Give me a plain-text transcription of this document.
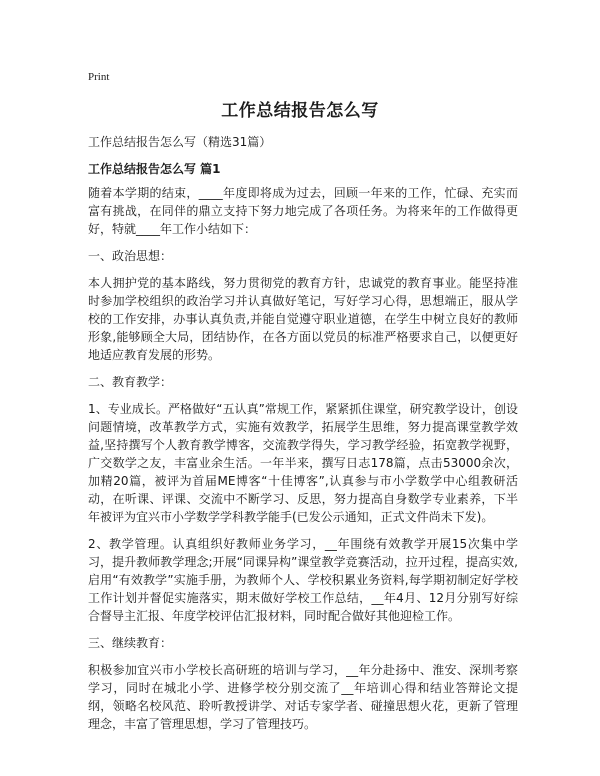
Print
工作总结报告怎么写

工作总结报告怎么写（精选31篇）

工作总结报告怎么写 篇1

随着本学期的结束，____年度即将成为过去，回顾一年来的工作，忙碌、充实而富有挑战，在同伴的鼎立支持下努力地完成了各项任务。为将来年的工作做得更好，特就____年工作小结如下：

一、政治思想：

本人拥护党的基本路线，努力贯彻党的教育方针，忠诚党的教育事业。能坚持准时参加学校组织的政治学习并认真做好笔记，写好学习心得，思想端正，服从学校的工作安排，办事认真负责,并能自觉遵守职业道德，在学生中树立良好的教师形象,能够顾全大局，团结协作，在各方面以党员的标准严格要求自己，以便更好地适应教育发展的形势。

二、教育教学：

1、专业成长。严格做好“五认真”常规工作，紧紧抓住课堂，研究教学设计，创设问题情境，改革教学方式，实施有效教学，拓展学生思维，努力提高课堂教学效益,坚持撰写个人教育教学博客，交流教学得失，学习教学经验，拓宽教学视野，广交数学之友，丰富业余生活。一年半来，撰写日志178篇，点击53000余次，加精20篇，被评为首届ME博客“十佳博客”,认真参与市小学数学中心组教研活动，在听课、评课、交流中不断学习、反思，努力提高自身数学专业素养，下半年被评为宜兴市小学数学学科教学能手(已发公示通知，正式文件尚未下发)。

2、教学管理。认真组织好教师业务学习，__年围绕有效教学开展15次集中学习，提升教师教学理念;开展“同课异构”课堂教学竞赛活动，拉开过程，提高实效,启用“有效教学”实施手册，为教师个人、学校积累业务资料,每学期初制定好学校工作计划并督促实施落实，期末做好学校工作总结，__年4月、12月分别写好综合督导主汇报、年度学校评估汇报材料，同时配合做好其他迎检工作。

三、继续教育：

积极参加宜兴市小学校长高研班的培训与学习，__年分赴扬中、淮安、深圳考察学习，同时在城北小学、进修学校分别交流了__年培训心得和结业答辩论文提纲，领略名校风范、聆听教授讲学、对话专家学者、碰撞思想火花，更新了管理理念，丰富了管理思想，学习了管理技巧。
